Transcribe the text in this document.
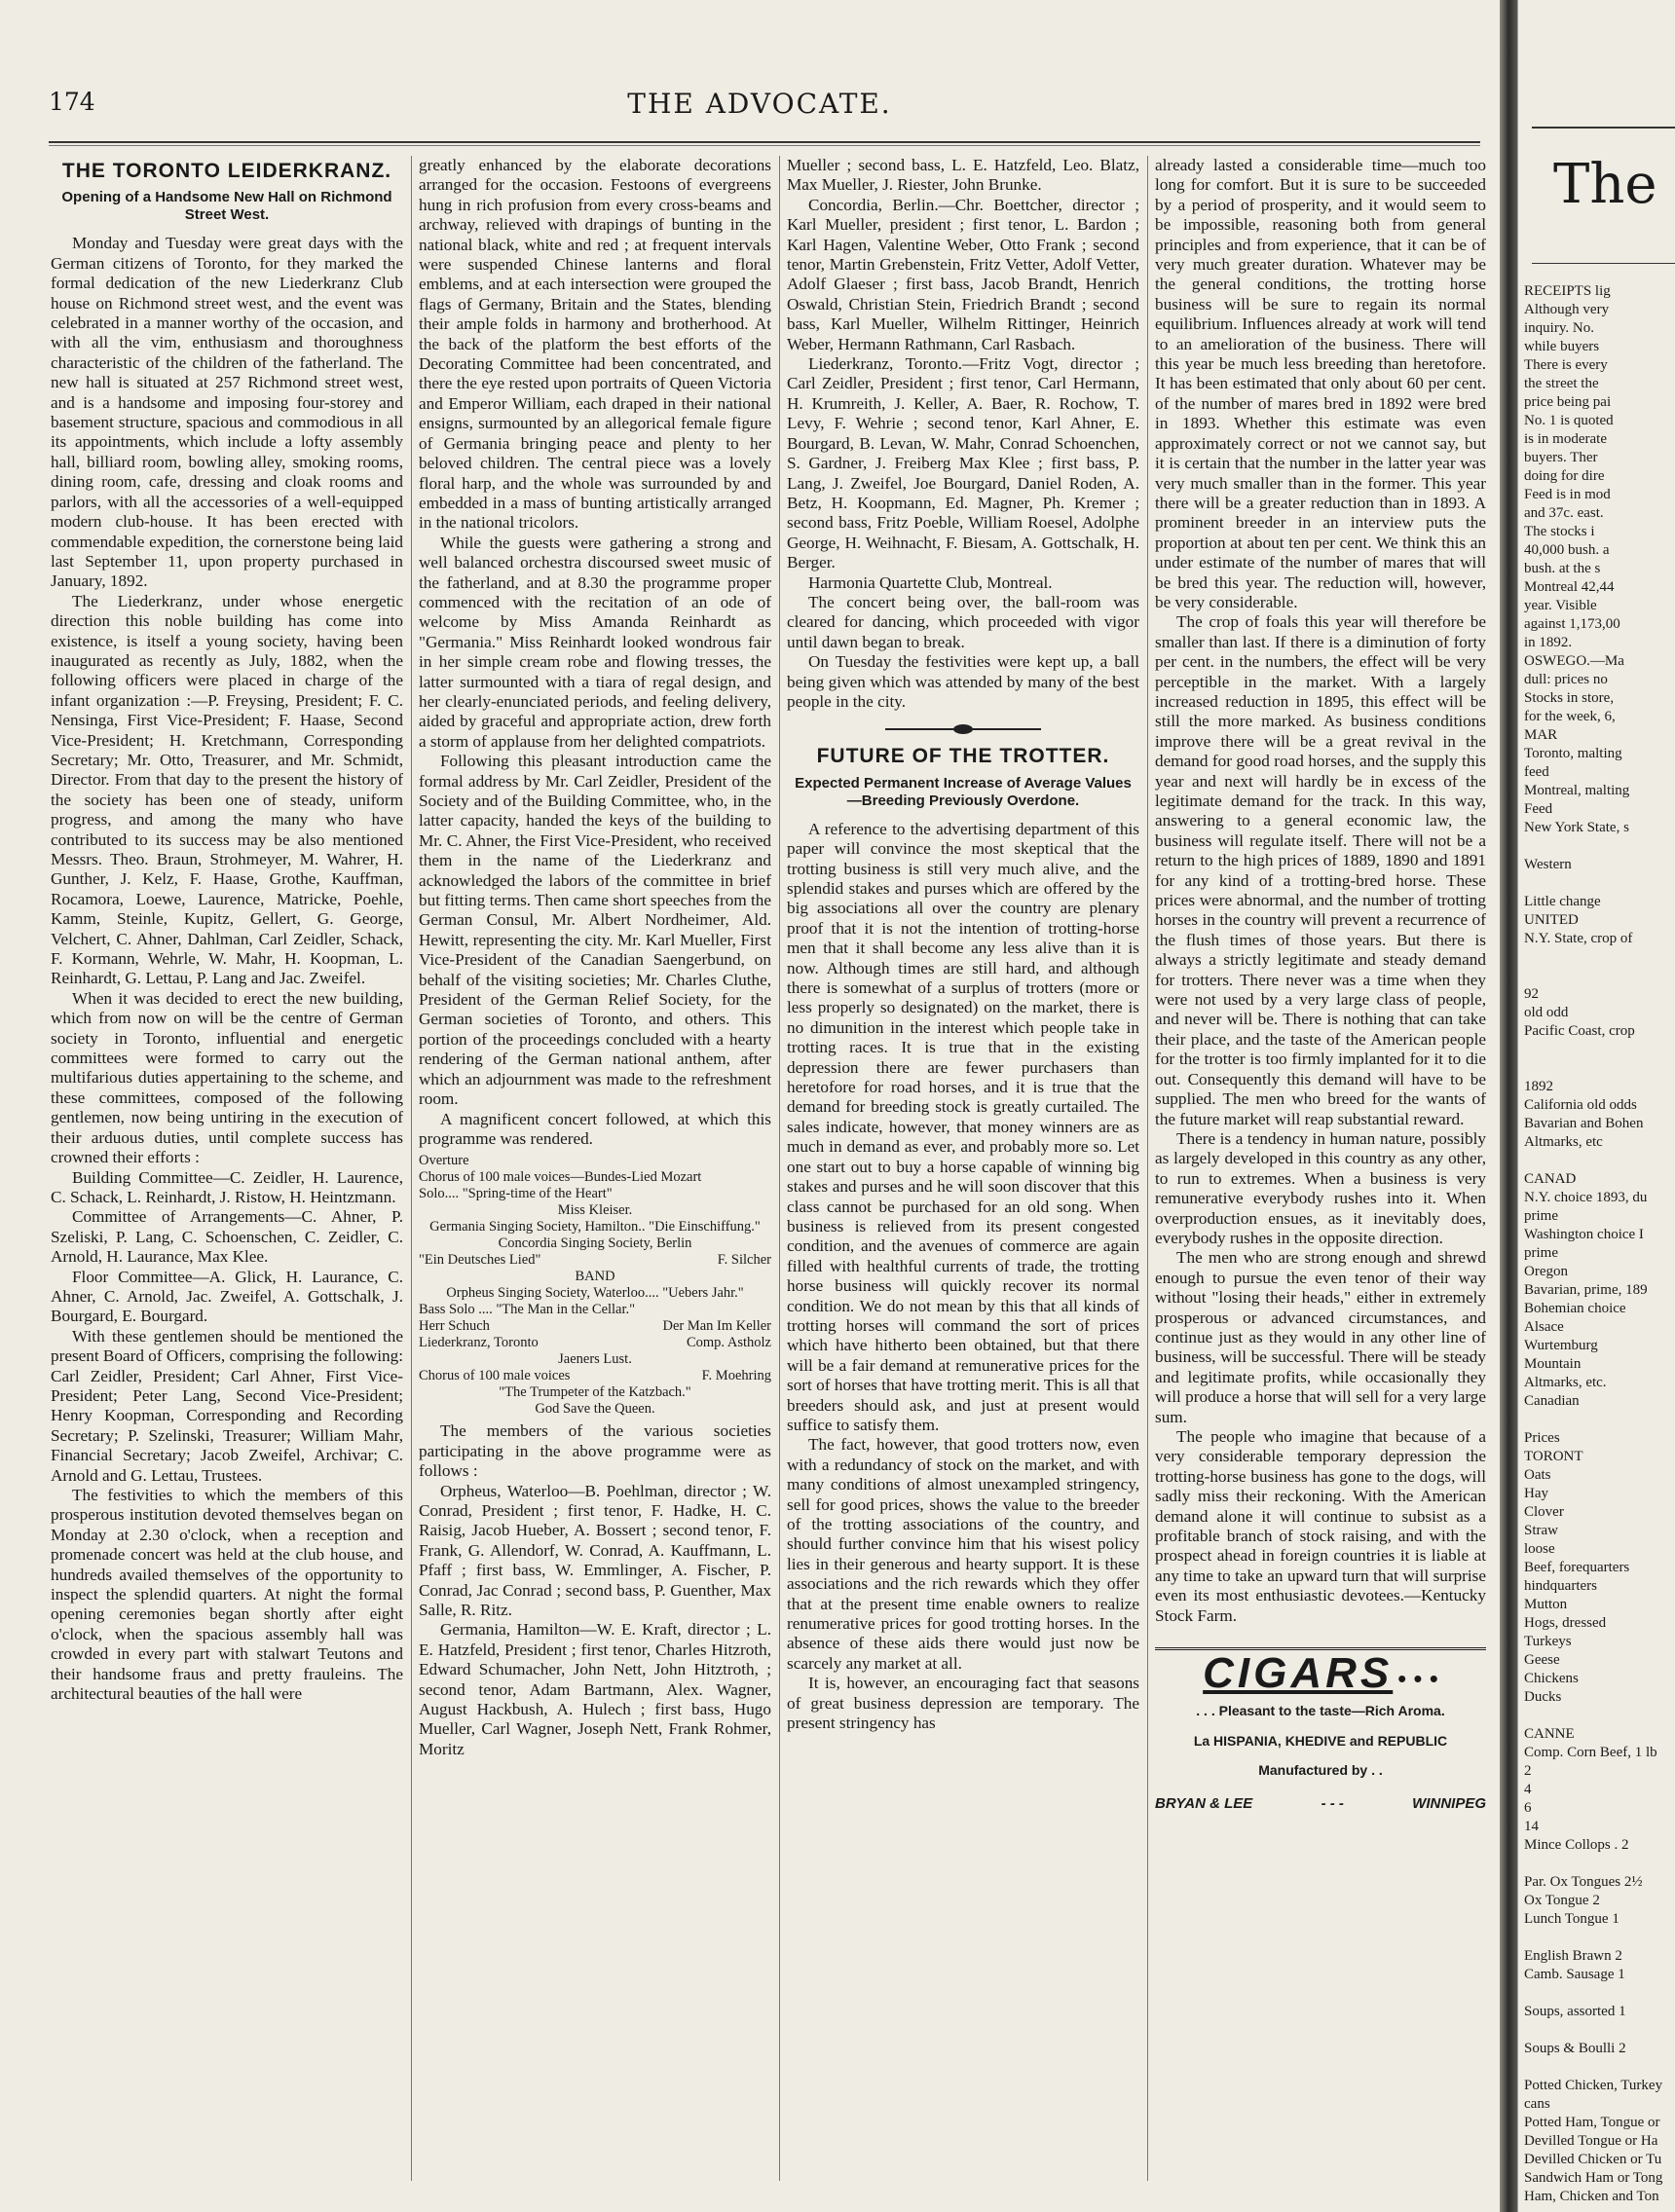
174	THE ADVOCATE.
THE TORONTO LEIDERKRANZ.
Opening of a Handsome New Hall on Richmond Street West.

Monday and Tuesday were great days with the German citizens of Toronto, for they marked the formal dedication of the new Liederkranz Club house on Richmond street west, and the event was celebrated in a manner worthy of the occasion, and with all the vim, enthusiasm and thoroughness characteristic of the children of the fatherland. The new hall is situated at 257 Richmond street west, and is a handsome and imposing four-storey and basement structure, spacious and commodious in all its appointments, which include a lofty assembly hall, billiard room, bowling alley, smoking rooms, dining room, cafe, dressing and cloak rooms and parlors, with all the accessories of a well-equipped modern club-house. It has been erected with commendable expedition, the cornerstone being laid last September 11, upon property purchased in January, 1892.

The Liederkranz, under whose energetic direction this noble building has come into existence, is itself a young society, having been inaugurated as recently as July, 1882, when the following officers were placed in charge of the infant organization :—P. Freysing, President; F. C. Nensinga, First Vice-President; F. Haase, Second Vice-President; H. Kretchmann, Corresponding Secretary; Mr. Otto, Treasurer, and Mr. Schmidt, Director. From that day to the present the history of the society has been one of steady, uniform progress, and among the many who have contributed to its success may be also mentioned Messrs. Theo. Braun, Strohmeyer, M. Wahrer, H. Gunther, J. Kelz, F. Haase, Grothe, Kauffman, Rocamora, Loewe, Laurence, Matricke, Poehle, Kamm, Steinle, Kupitz, Gellert, G. George, Velchert, C. Ahner, Dahlman, Carl Zeidler, Schack, F. Kormann, Wehrle, W. Mahr, H. Koopman, L. Reinhardt, G. Lettau, P. Lang and Jac. Zweifel.

When it was decided to erect the new building, which from now on will be the centre of German society in Toronto, influential and energetic committees were formed to carry out the multifarious duties appertaining to the scheme, and these committees, composed of the following gentlemen, now being untiring in the execution of their arduous duties, until complete success has crowned their efforts :

Building Committee—C. Zeidler, H. Laurence, C. Schack, L. Reinhardt, J. Ristow, H. Heintzmann.

Committee of Arrangements—C. Ahner, P. Szeliski, P. Lang, C. Schoenschen, C. Zeidler, C. Arnold, H. Laurance, Max Klee.

Floor Committee—A. Glick, H. Laurance, C. Ahner, C. Arnold, Jac. Zweifel, A. Gottschalk, J. Bourgard, E. Bourgard.

With these gentlemen should be mentioned the present Board of Officers, comprising the following: Carl Zeidler, President; Carl Ahner, First Vice-President; Peter Lang, Second Vice-President; Henry Koopman, Corresponding and Recording Secretary; P. Szelinski, Treasurer; William Mahr, Financial Secretary; Jacob Zweifel, Archivar; C. Arnold and G. Lettau, Trustees.

The festivities to which the members of this prosperous institution devoted themselves began on Monday at 2.30 o'clock, when a reception and promenade concert was held at the club house, and hundreds availed themselves of the opportunity to inspect the splendid quarters. At night the formal opening ceremonies began shortly after eight o'clock, when the spacious assembly hall was crowded in every part with stalwart Teutons and their handsome fraus and pretty frauleins. The architectural beauties of the hall were

greatly enhanced by the elaborate decorations arranged for the occasion. Festoons of evergreens hung in rich profusion from every cross-beams and archway, relieved with drapings of bunting in the national black, white and red ; at frequent intervals were suspended Chinese lanterns and floral emblems, and at each intersection were grouped the flags of Germany, Britain and the States, blending their ample folds in harmony and brotherhood. At the back of the platform the best efforts of the Decorating Committee had been concentrated, and there the eye rested upon portraits of Queen Victoria and Emperor William, each draped in their national ensigns, surmounted by an allegorical female figure of Germania bringing peace and plenty to her beloved children. The central piece was a lovely floral harp, and the whole was surrounded by and embedded in a mass of bunting artistically arranged in the national tricolors.

While the guests were gathering a strong and well balanced orchestra discoursed sweet music of the fatherland, and at 8.30 the programme proper commenced with the recitation of an ode of welcome by Miss Amanda Reinhardt as "Germania." Miss Reinhardt looked wondrous fair in her simple cream robe and flowing tresses, the latter surmounted with a tiara of regal design, and her clearly-enunciated periods, and feeling delivery, aided by graceful and appropriate action, drew forth a storm of applause from her delighted compatriots.

Following this pleasant introduction came the formal address by Mr. Carl Zeidler, President of the Society and of the Building Committee, who, in the latter capacity, handed the keys of the building to Mr. C. Ahner, the First Vice-President, who received them in the name of the Liederkranz and acknowledged the labors of the committee in brief but fitting terms. Then came short speeches from the German Consul, Mr. Albert Nordheimer, Ald. Hewitt, representing the city. Mr. Karl Mueller, First Vice-President of the Canadian Saengerbund, on behalf of the visiting societies; Mr. Charles Cluthe, President of the German Relief Society, for the German societies of Toronto, and others. This portion of the proceedings concluded with a hearty rendering of the German national anthem, after which an adjournment was made to the refreshment room.

A magnificent concert followed, at which this programme was rendered.

Overture
Chorus of 100 male voices—Bundes-Lied Mozart
Solo.... "Spring-time of the Heart"
Miss Kleiser.
Germania Singing Society, Hamilton.. "Die Einschiffung."
Concordia Singing Society, Berlin
"Ein Deutsches Lied"	F. Silcher
BAND
Orpheus Singing Society, Waterloo.... "Uebers Jahr."
Bass Solo .... "The Man in the Cellar."
Herr Schuch	Der Man Im Keller
Liederkranz, Toronto	Comp. Astholz
Jaeners Lust.
Chorus of 100 male voices	F. Moehring
"The Trumpeter of the Katzbach."
God Save the Queen.

The members of the various societies participating in the above programme were as follows :

Orpheus, Waterloo—B. Poehlman, director ; W. Conrad, President ; first tenor, F. Hadke, H. C. Raisig, Jacob Hueber, A. Bossert ; second tenor, F. Frank, G. Allendorf, W. Conrad, A. Kauffmann, L. Pfaff ; first bass, W. Emmlinger, A. Fischer, P. Conrad, Jac Conrad ; second bass, P. Guenther, Max Salle, R. Ritz.

Germania, Hamilton—W. E. Kraft, director ; L. E. Hatzfeld, President ; first tenor, Charles Hitzroth, Edward Schumacher, John Nett, John Hitztroth, ; second tenor, Adam Bartmann, Alex. Wagner, August Hackbush, A. Hulech ; first bass, Hugo Mueller, Carl Wagner, Joseph Nett, Frank Rohmer, Moritz

Mueller ; second bass, L. E. Hatzfeld, Leo. Blatz, Max Mueller, J. Riester, John Brunke.

Concordia, Berlin.—Chr. Boettcher, director ; Karl Mueller, president ; first tenor, L. Bardon ; Karl Hagen, Valentine Weber, Otto Frank ; second tenor, Martin Grebenstein, Fritz Vetter, Adolf Vetter, Adolf Glaeser ; first bass, Jacob Brandt, Henrich Oswald, Christian Stein, Friedrich Brandt ; second bass, Karl Mueller, Wilhelm Rittinger, Heinrich Weber, Hermann Rathmann, Carl Rasbach.

Liederkranz, Toronto.—Fritz Vogt, director ; Carl Zeidler, President ; first tenor, Carl Hermann, H. Krumreith, J. Keller, A. Baer, R. Rochow, T. Levy, F. Wehrie ; second tenor, Karl Ahner, E. Bourgard, B. Levan, W. Mahr, Conrad Schoenchen, S. Gardner, J. Freiberg Max Klee ; first bass, P. Lang, J. Zweifel, Joe Bourgard, Daniel Roden, A. Betz, H. Koopmann, Ed. Magner, Ph. Kremer ; second bass, Fritz Poeble, William Roesel, Adolphe George, H. Weihnacht, F. Biesam, A. Gottschalk, H. Berger.

Harmonia Quartette Club, Montreal.

The concert being over, the ball-room was cleared for dancing, which proceeded with vigor until dawn began to break.

On Tuesday the festivities were kept up, a ball being given which was attended by many of the best people in the city.

FUTURE OF THE TROTTER.
Expected Permanent Increase of Average Values—Breeding Previously Overdone.

A reference to the advertising department of this paper will convince the most skeptical that the trotting business is still very much alive, and the splendid stakes and purses which are offered by the big associations all over the country are plenary proof that it is not the intention of trotting-horse men that it shall become any less alive than it is now. Although times are still hard, and although there is somewhat of a surplus of trotters (more or less properly so designated) on the market, there is no dimunition in the interest which people take in trotting races. It is true that in the existing depression there are fewer purchasers than heretofore for road horses, and it is true that the demand for breeding stock is greatly curtailed. The sales indicate, however, that money winners are as much in demand as ever, and probably more so. Let one start out to buy a horse capable of winning big stakes and purses and he will soon discover that this class cannot be purchased for an old song. When business is relieved from its present congested condition, and the avenues of commerce are again filled with healthful currents of trade, the trotting horse business will quickly recover its normal condition. We do not mean by this that all kinds of trotting horses will command the sort of prices which have hitherto been obtained, but that there will be a fair demand at remunerative prices for the sort of horses that have trotting merit. This is all that breeders should ask, and just at present would suffice to satisfy them.

The fact, however, that good trotters now, even with a redundancy of stock on the market, and with many conditions of almost unexampled stringency, sell for good prices, shows the value to the breeder of the trotting associations of the country, and should further convince him that his wisest policy lies in their generous and hearty support. It is these associations and the rich rewards which they offer that at the present time enable owners to realize renumerative prices for good trotting horses. In the absence of these aids there would just now be scarcely any market at all.

It is, however, an encouraging fact that seasons of great business depression are temporary. The present stringency has

already lasted a considerable time—much too long for comfort. But it is sure to be succeeded by a period of prosperity, and it would seem to be impossible, reasoning both from general principles and from experience, that it can be of very much greater duration. Whatever may be the general conditions, the trotting horse business will be sure to regain its normal equilibrium. Influences already at work will tend to an amelioration of the business. There will this year be much less breeding than heretofore. It has been estimated that only about 60 per cent. of the number of mares bred in 1892 were bred in 1893. Whether this estimate was even approximately correct or not we cannot say, but it is certain that the number in the latter year was very much smaller than in the former. This year there will be a greater reduction than in 1893. A prominent breeder in an interview puts the proportion at about ten per cent. We think this an under estimate of the number of mares that will be bred this year. The reduction will, however, be very considerable.

The crop of foals this year will therefore be smaller than last. If there is a diminution of forty per cent. in the numbers, the effect will be very perceptible in the market. With a largely increased reduction in 1895, this effect will be still the more marked. As business conditions improve there will be a great revival in the demand for good road horses, and the supply this year and next will hardly be in excess of the legitimate demand for the track. In this way, answering to a general economic law, the business will regulate itself. There will not be a return to the high prices of 1889, 1890 and 1891 for any kind of a trotting-bred horse. These prices were abnormal, and the number of trotting horses in the country will prevent a recurrence of the flush times of those years. But there is always a strictly legitimate and steady demand for trotters. There never was a time when they were not used by a very large class of people, and never will be. There is nothing that can take their place, and the taste of the American people for the trotter is too firmly implanted for it to die out. Consequently this demand will have to be supplied. The men who breed for the wants of the future market will reap substantial reward.

There is a tendency in human nature, possibly as largely developed in this country as any other, to run to extremes. When a business is very remunerative everybody rushes into it. When overproduction ensues, as it inevitably does, everybody rushes in the opposite direction.

The men who are strong enough and shrewd enough to pursue the even tenor of their way without "losing their heads," either in extremely prosperous or advanced circumstances, and continue just as they would in any other line of business, will be successful. There will be steady and legitimate profits, while occasionally they will produce a horse that will sell for a very large sum.

The people who imagine that because of a very considerable temporary depression the trotting-horse business has gone to the dogs, will sadly miss their reckoning. With the American demand alone it will continue to subsist as a profitable branch of stock raising, and with the prospect ahead in foreign countries it is liable at any time to take an upward turn that will surprise even its most enthusiastic devotees.—Kentucky Stock Farm.

CIGARS • • •
. . . Pleasant to the taste—Rich Aroma.
La HISPANIA, KHEDIVE and REPUBLIC
Manufactured by . .
BRYAN & LEE	- - -	WINNIPEG
The
RECEIPTS lig
Although very
inquiry. No.
while buyers
There is every
the street the
price being pai
No. 1 is quoted
is in moderate
buyers. Ther
doing for dire
Feed is in mod
and 37c. east.
The stocks i
40,000 bush. a
bush. at the s
Montreal 42,44
year. Visible
against 1,173,00
in 1892.
OSWEGO.—Ma
dull: prices no
Stocks in store,
for the week, 6,
MAR
Toronto, malting
feed
Montreal, malting
Feed
New York State, s
Western
Little change
UNITED
N.Y. State, crop of
92
old odd
Pacific Coast, crop
1892
California old odds
Bavarian and Bohen
Altmarks, etc
CANAD
N.Y. choice 1893, du
prime
Washington choice I
prime
Oregon
Bavarian, prime, 189
Bohemian choice
Alsace
Wurtemburg
Mountain
Altmarks, etc.
Canadian
Prices
TORONT
Oats
Hay
Clover
Straw
loose
Beef, forequarters
hindquarters
Mutton
Hogs, dressed
Turkeys
Geese
Chickens
Ducks
CANNE
Comp. Corn Beef, 1 lb
2
4
6
14
Mince Collops . 2
Par. Ox Tongues 2½
Ox Tongue 2
Lunch Tongue 1
English Brawn 2
Camb. Sausage 1
Soups, assorted 1
Soups & Boulli 2
Potted Chicken, Turkey
cans
Potted Ham, Tongue or
Devilled Tongue or Ha
Devilled Chicken or Tu
Sandwich Ham or Tong
Ham, Chicken and Ton
